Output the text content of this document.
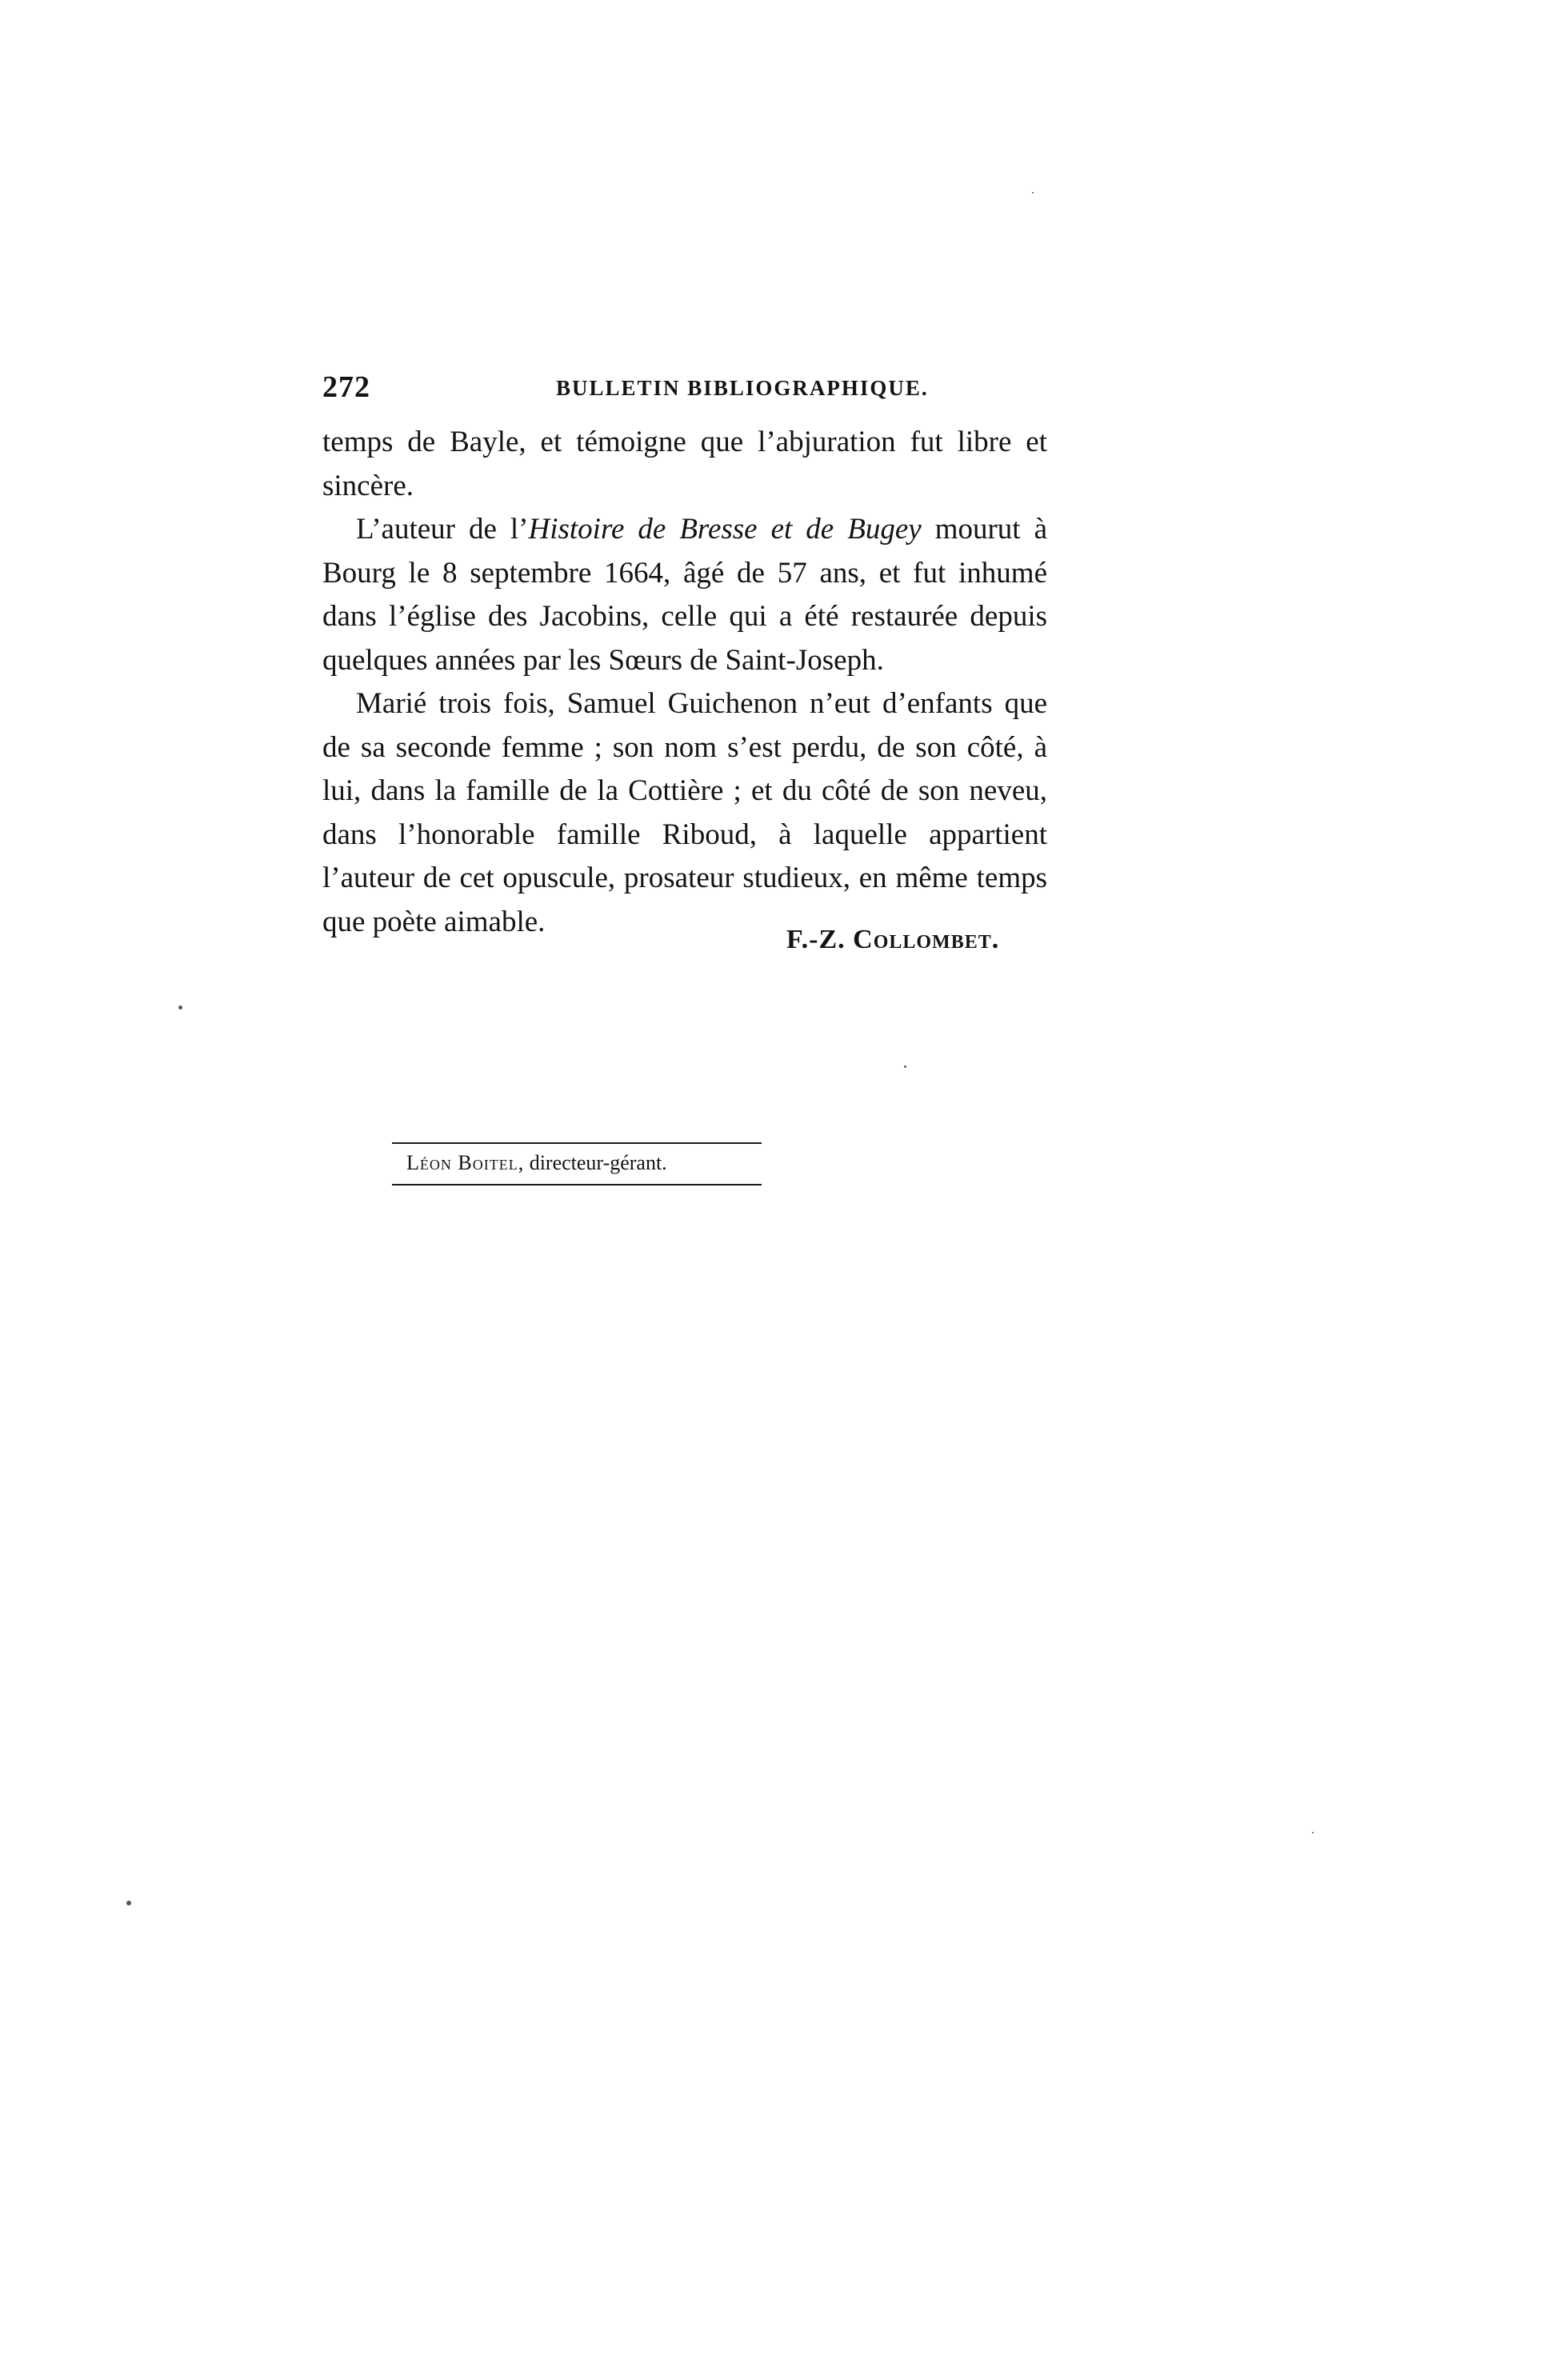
272	BULLETIN BIBLIOGRAPHIQUE.

temps de Bayle, et témoigne que l’abjuration fut libre et sincère.

L’auteur de l’Histoire de Bresse et de Bugey mourut à Bourg le 8 septembre 1664, âgé de 57 ans, et fut inhumé dans l’église des Jacobins, celle qui a été restaurée depuis quelques années par les Sœurs de Saint-Joseph.

Marié trois fois, Samuel Guichenon n’eut d’enfants que de sa seconde femme ; son nom s’est perdu, de son côté, à lui, dans la famille de la Cottière ; et du côté de son neveu, dans l’honorable famille Riboud, à laquelle appartient l’auteur de cet opuscule, prosateur studieux, en même temps que poète aimable.

F.-Z. Collombet.
Léon Boitel, directeur-gérant.
